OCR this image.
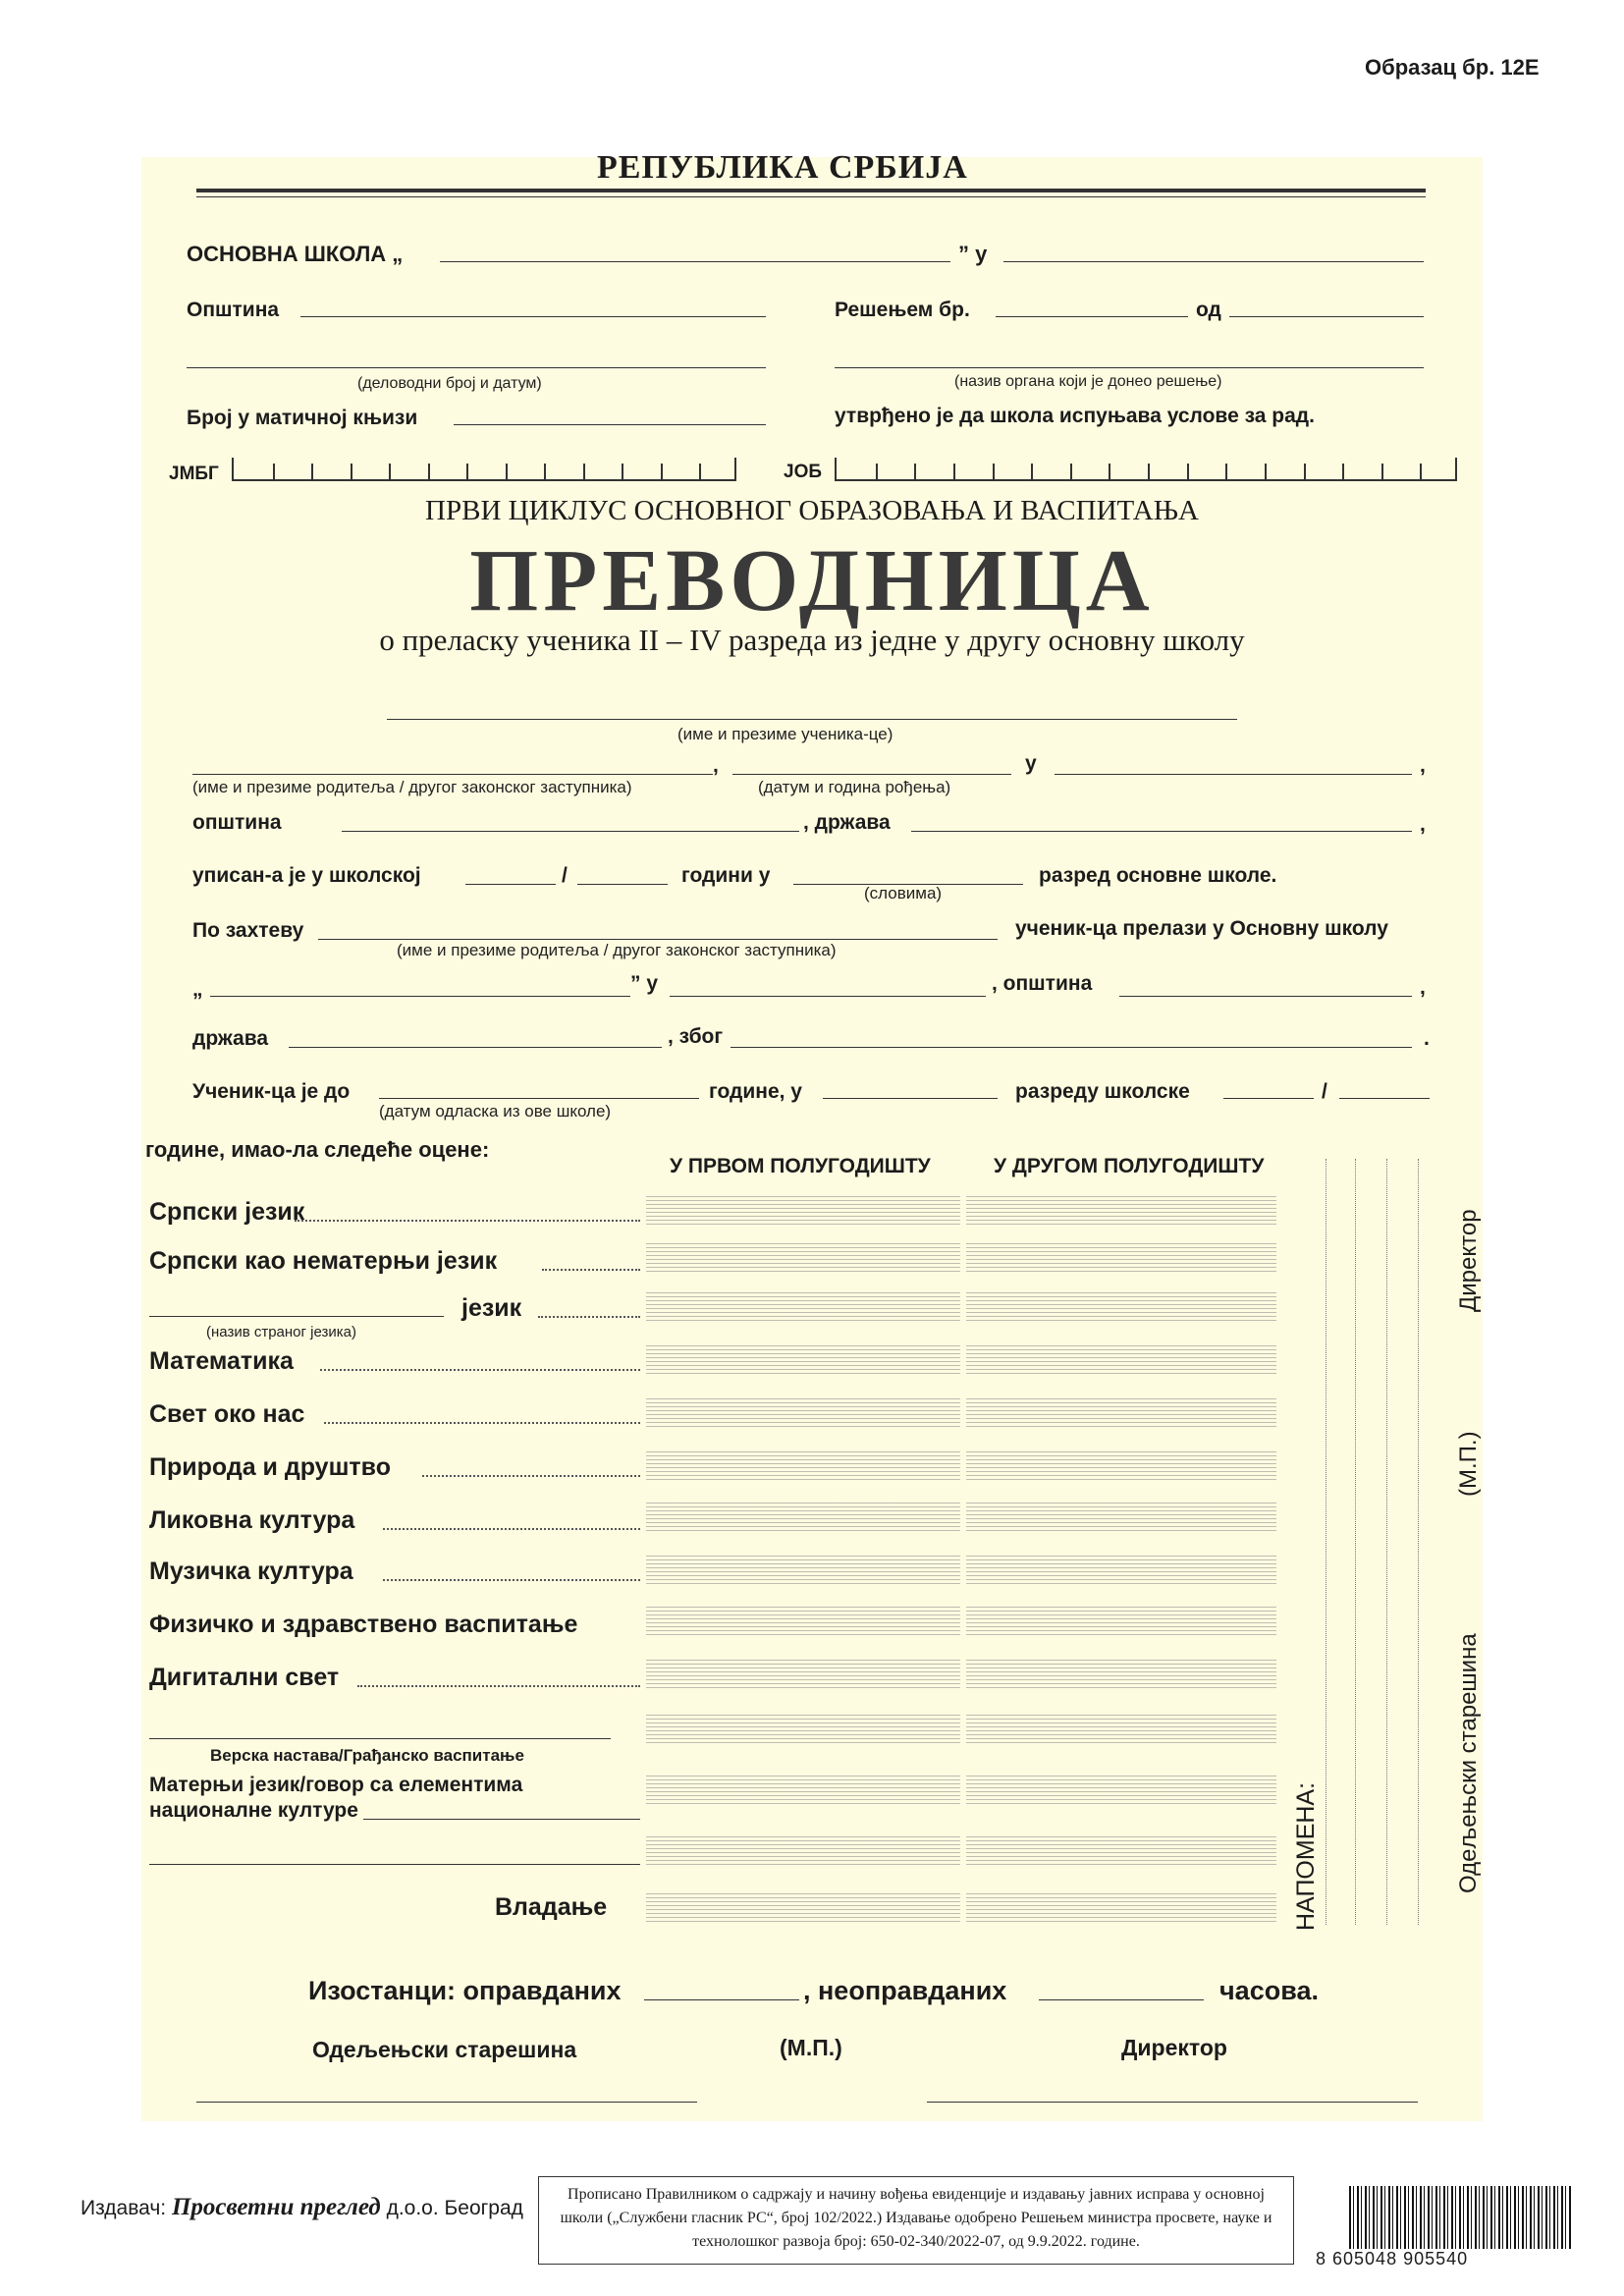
Образац бр. 12Е
РЕПУБЛИКА СРБИЈА
ОСНОВНА ШКОЛА „	” у
Општина	Решењем бр.	од
(деловодни број и датум)	(назив органа који је донео решење)
Број у матичној књизи	утврђено је да школа испуњава услове за рад.
ЈМБГ	ЈОБ
ПРВИ ЦИКЛУС ОСНОВНОГ ОБРАЗОВАЊА И ВАСПИТАЊА
ПРЕВОДНИЦА
о преласку ученика II – IV разреда из једне у другу основну школу
(име и презиме ученика-це)
,	у	,
(име и презиме родитеља / другог законског заступника)	(датум и година рођења)
општина	, држава	,
уписан-а је у школској	/	години у
(словима)
разред основне школе.
По захтеву	ученик-ца прелази у Основну школу
(име и презиме родитеља / другог законског заступника)
„	” у	, општина	,
држава	, због	.
Ученик-ца је до
(датум одласка из ове школе)
године, у	разреду школске	/
године, имао-ла следеће оцене:
У ПРВОМ ПОЛУГОДИШТУ	У ДРУГОМ ПОЛУГОДИШТУ
Српски језик
Српски као нематерњи језик
језик
(назив страног језика)
Математика
Свет око нас
Природа и друштво
Ликовна култура
Музичка култура
Физичко и здравствено васпитање
Дигитални свет
Верска настава/Грађанско васпитање
Матерњи језик/говор са елементима
националне културе
Владање	НАПОМЕНА:
Директор
(М.П.)
Одељењски старешина
Изостанци: оправданих	, неоправданих	часова.
Одељењски старешина	(М.П.)	Директор
Издавач: Просветни преглед д.о.о. Београд
Прописано Правилником о садржају и начину вођења евиденције и издавању јавних исправа у основној
школи („Службени гласник РС“, број 102/2022.) Издавање одобрено Решењем министра просвете, науке и
технолошког развоја број: 650-02-340/2022-07, од 9.9.2022. године.
8 605048 905540
